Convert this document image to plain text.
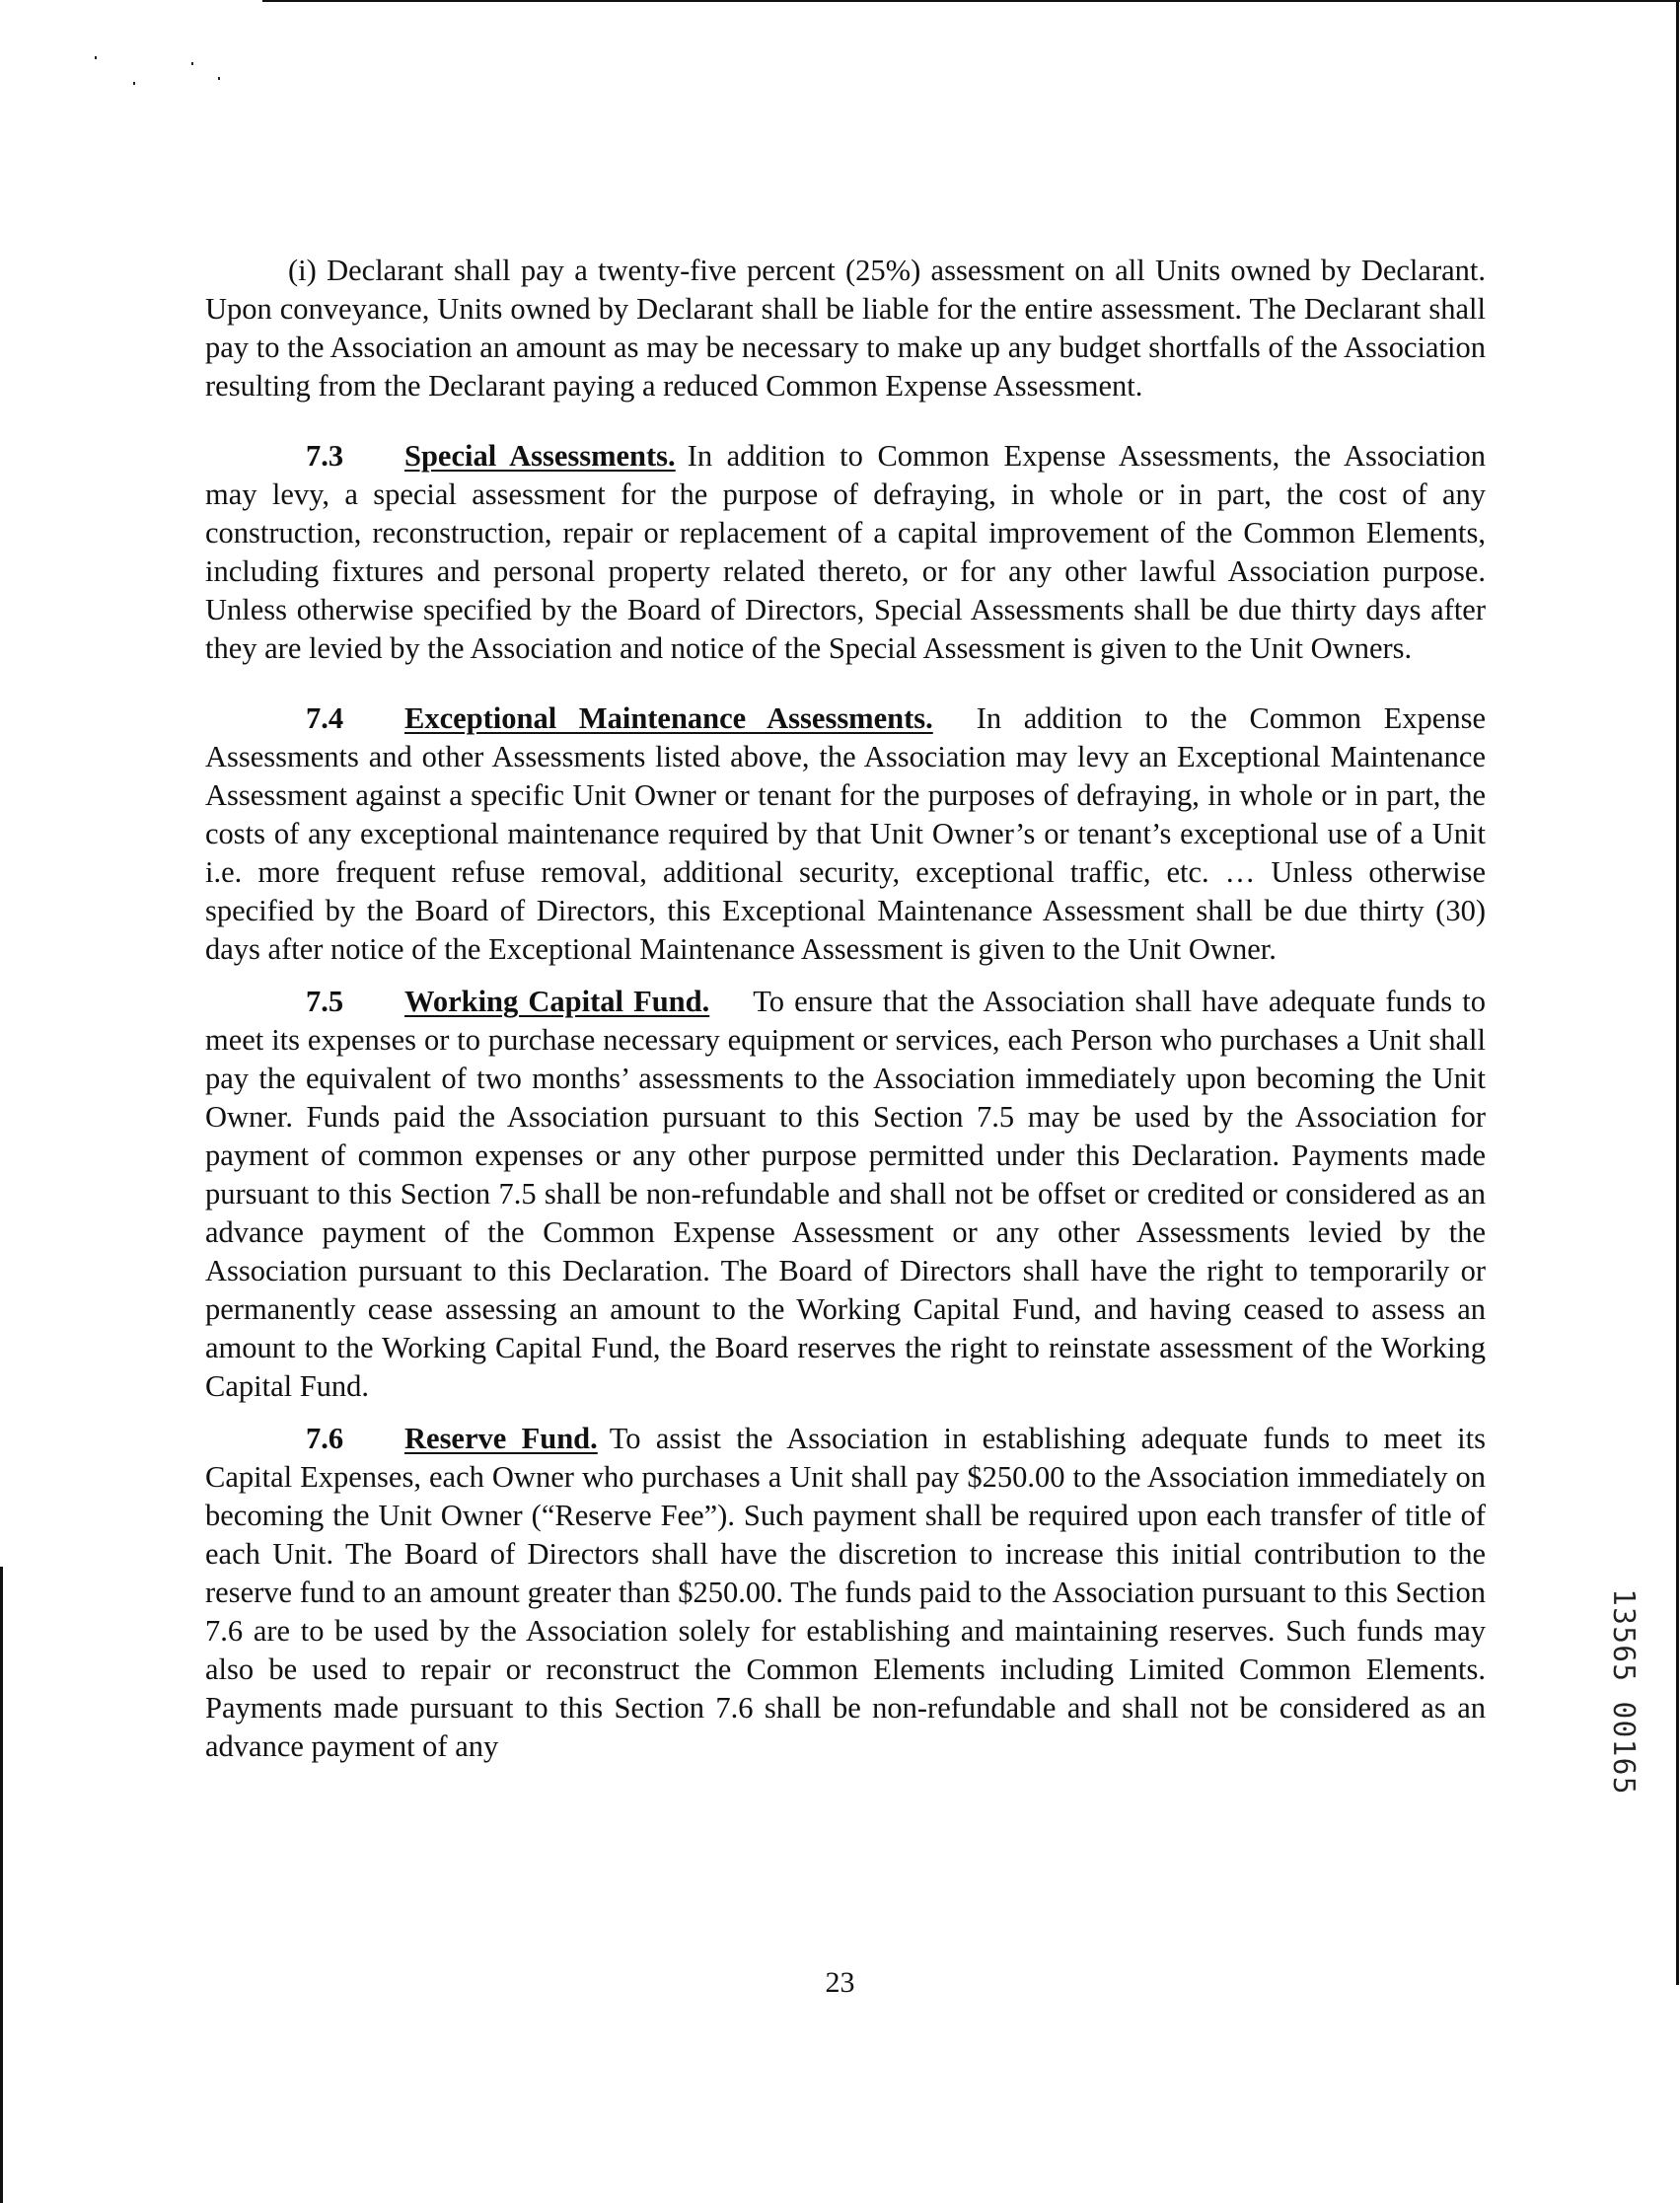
(i) Declarant shall pay a twenty-five percent (25%) assessment on all Units owned by Declarant. Upon conveyance, Units owned by Declarant shall be liable for the entire assessment. The Declarant shall pay to the Association an amount as may be necessary to make up any budget shortfalls of the Association resulting from the Declarant paying a reduced Common Expense Assessment.

7.3 Special Assessments. In addition to Common Expense Assessments, the Association may levy, a special assessment for the purpose of defraying, in whole or in part, the cost of any construction, reconstruction, repair or replacement of a capital improvement of the Common Elements, including fixtures and personal property related thereto, or for any other lawful Association purpose. Unless otherwise specified by the Board of Directors, Special Assessments shall be due thirty days after they are levied by the Association and notice of the Special Assessment is given to the Unit Owners.

7.4 Exceptional Maintenance Assessments. In addition to the Common Expense Assessments and other Assessments listed above, the Association may levy an Exceptional Maintenance Assessment against a specific Unit Owner or tenant for the purposes of defraying, in whole or in part, the costs of any exceptional maintenance required by that Unit Owner’s or tenant’s exceptional use of a Unit i.e. more frequent refuse removal, additional security, exceptional traffic, etc. … Unless otherwise specified by the Board of Directors, this Exceptional Maintenance Assessment shall be due thirty (30) days after notice of the Exceptional Maintenance Assessment is given to the Unit Owner.

7.5 Working Capital Fund. To ensure that the Association shall have adequate funds to meet its expenses or to purchase necessary equipment or services, each Person who purchases a Unit shall pay the equivalent of two months’ assessments to the Association immediately upon becoming the Unit Owner. Funds paid the Association pursuant to this Section 7.5 may be used by the Association for payment of common expenses or any other purpose permitted under this Declaration. Payments made pursuant to this Section 7.5 shall be non-refundable and shall not be offset or credited or considered as an advance payment of the Common Expense Assessment or any other Assessments levied by the Association pursuant to this Declaration. The Board of Directors shall have the right to temporarily or permanently cease assessing an amount to the Working Capital Fund, and having ceased to assess an amount to the Working Capital Fund, the Board reserves the right to reinstate assessment of the Working Capital Fund.

7.6 Reserve Fund. To assist the Association in establishing adequate funds to meet its Capital Expenses, each Owner who purchases a Unit shall pay $250.00 to the Association immediately on becoming the Unit Owner (“Reserve Fee”). Such payment shall be required upon each transfer of title of each Unit. The Board of Directors shall have the discretion to increase this initial contribution to the reserve fund to an amount greater than $250.00. The funds paid to the Association pursuant to this Section 7.6 are to be used by the Association solely for establishing and maintaining reserves. Such funds may also be used to repair or reconstruct the Common Elements including Limited Common Elements. Payments made pursuant to this Section 7.6 shall be non-refundable and shall not be considered as an advance payment of any

23
13565 00165
